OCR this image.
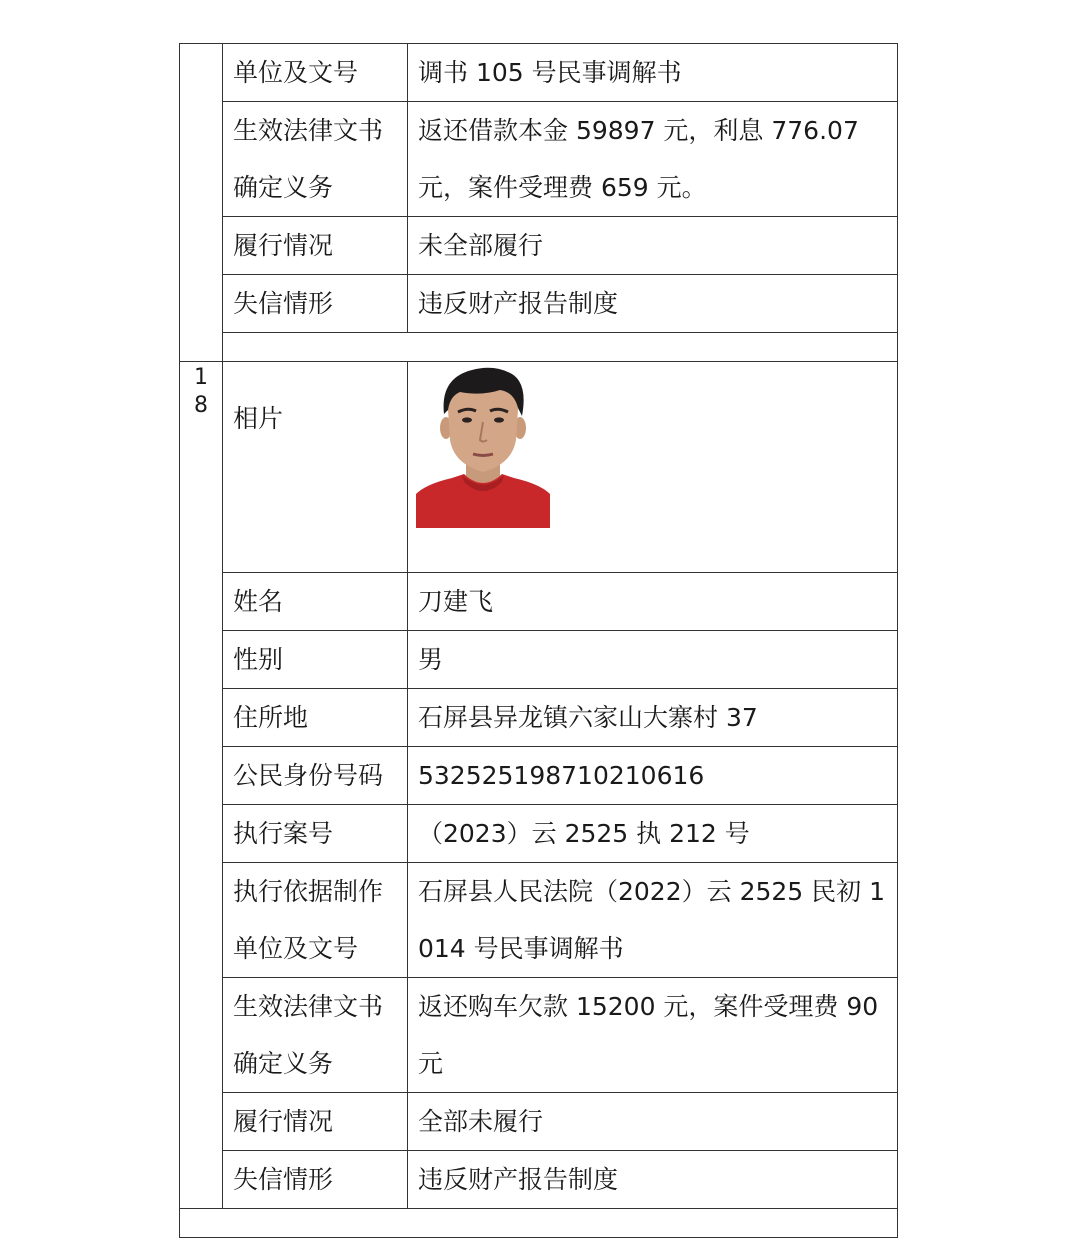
	单位及文号	调书 105 号民事调解书
	生效法律文书确定义务	返还借款本金 59897 元，利息 776.07 元，案件受理费 659 元。
	履行情况	未全部履行
	失信情形	违反财产报告制度

1
8	相片	

	姓名	刀建飞
	性别	男
	住所地	石屏县异龙镇六家山大寨村 37
	公民身份号码	532525198710210616
	执行案号	（2023）云 2525 执 212 号
	执行依据制作单位及文号	石屏县人民法院（2022）云 2525 民初 1014 号民事调解书
	生效法律文书确定义务	返还购车欠款 15200 元，案件受理费 90 元
	履行情况	全部未履行
	失信情形	违反财产报告制度
